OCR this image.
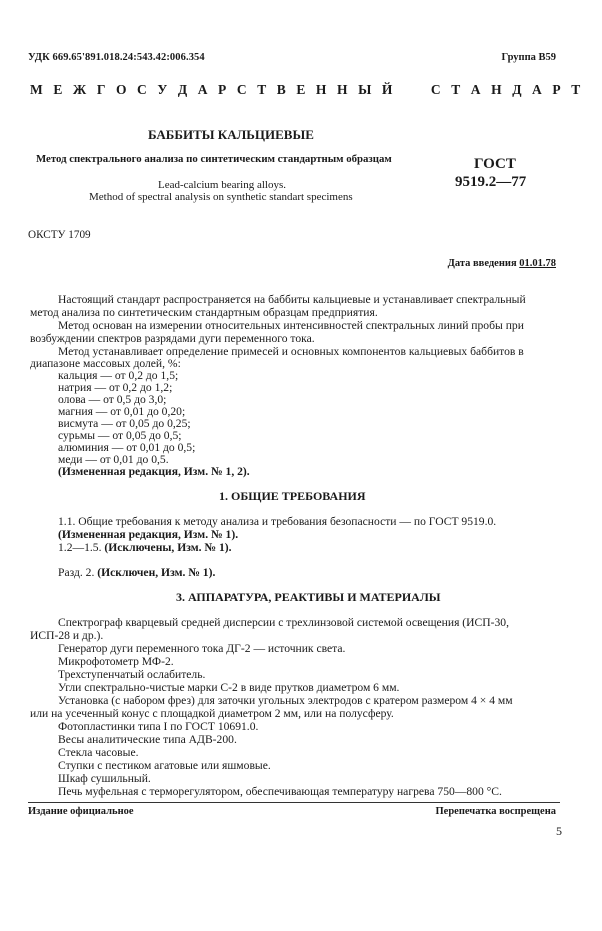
УДК 669.65'891.018.24:543.42:006.354	Группа В59
М Е Ж Г О С У Д А Р С Т В Е Н Н Ы Й     С Т А Н Д А Р Т
БАББИТЫ КАЛЬЦИЕВЫЕ
Метод спектрального анализа по синтетическим стандартным образцам
Lead-calcium bearing alloys.
Method of spectral analysis on synthetic standart specimens
ГОСТ
9519.2—77
ОКСТУ 1709
Дата введения 01.01.78
Настоящий стандарт распространяется на баббиты кальциевые и устанавливает спектральный
метод анализа по синтетическим стандартным образцам предприятия.
Метод основан на измерении относительных интенсивностей спектральных линий пробы при
возбуждении спектров разрядами дуги переменного тока.
Метод устанавливает определение примесей и основных компонентов кальциевых баббитов в
диапазоне массовых долей, %:
кальция — от 0,2 до 1,5;
натрия — от 0,2 до 1,2;
олова — от 0,5 до 3,0;
магния — от 0,01 до 0,20;
висмута — от 0,05 до 0,25;
сурьмы — от 0,05 до 0,5;
алюминия — от 0,01 до 0,5;
меди — от 0,01 до 0,5.
(Измененная редакция, Изм. № 1, 2).
1. ОБЩИЕ ТРЕБОВАНИЯ
1.1. Общие требования к методу анализа и требования безопасности — по ГОСТ 9519.0.
(Измененная редакция, Изм. № 1).
1.2—1.5. (Исключены, Изм. № 1).
Разд. 2. (Исключен, Изм. № 1).
3. АППАРАТУРА, РЕАКТИВЫ И МАТЕРИАЛЫ
Спектрограф кварцевый средней дисперсии с трехлинзовой системой освещения (ИСП-30,
ИСП-28 и др.).
Генератор дуги переменного тока ДГ-2 — источник света.
Микрофотометр МФ-2.
Трехступенчатый ослабитель.
Угли спектрально-чистые марки С-2 в виде прутков диаметром 6 мм.
Установка (с набором фрез) для заточки угольных электродов с кратером размером 4 × 4 мм
или на усеченный конус с площадкой диаметром 2 мм, или на полусферу.
Фотопластинки типа I по ГОСТ 10691.0.
Весы аналитические типа АДВ-200.
Стекла часовые.
Ступки с пестиком агатовые или яшмовые.
Шкаф сушильный.
Печь муфельная с терморегулятором, обеспечивающая температуру нагрева 750—800 °С.
Издание официальное	Перепечатка воспрещена
5
